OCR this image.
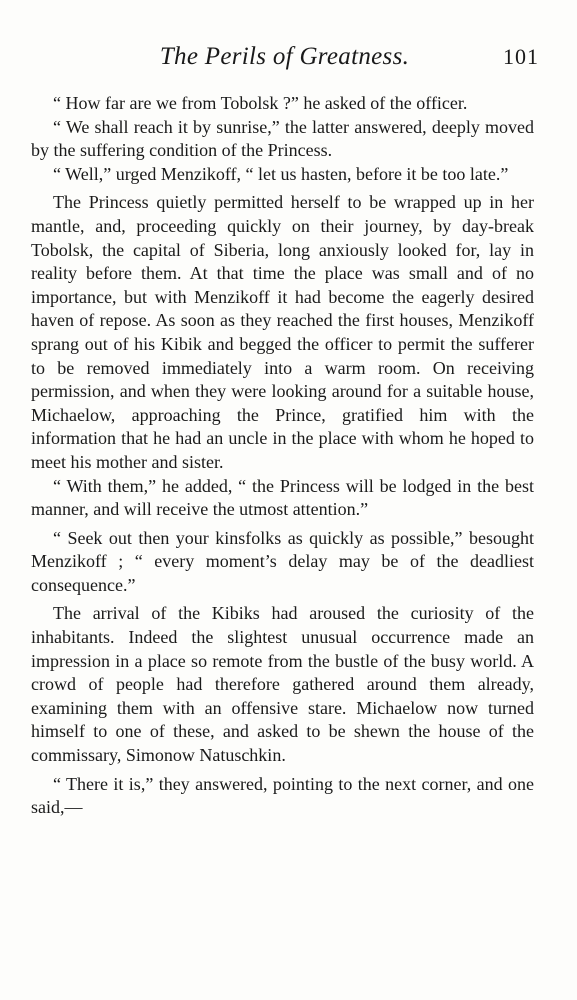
The Perils of Greatness.	101

“ How far are we from Tobolsk ?” he asked of the officer.

“ We shall reach it by sunrise,” the latter answered, deeply moved by the suffering condition of the Princess.

“ Well,” urged Menzikoff, “ let us hasten, before it be too late.”

The Princess quietly permitted herself to be wrapped up in her mantle, and, proceeding quickly on their journey, by day-break Tobolsk, the capital of Siberia, long anxiously looked for, lay in reality before them. At that time the place was small and of no importance, but with Menzikoff it had become the eagerly desired haven of repose. As soon as they reached the first houses, Menzikoff sprang out of his Kibik and begged the officer to permit the sufferer to be removed immediately into a warm room. On receiving permission, and when they were looking around for a suitable house, Michaelow, approaching the Prince, gratified him with the information that he had an uncle in the place with whom he hoped to meet his mother and sister.

“ With them,” he added, “ the Princess will be lodged in the best manner, and will receive the utmost attention.”

“ Seek out then your kinsfolks as quickly as possible,” besought Menzikoff ; “ every moment’s delay may be of the deadliest consequence.”

The arrival of the Kibiks had aroused the curiosity of the inhabitants. Indeed the slightest unusual occurrence made an impression in a place so remote from the bustle of the busy world. A crowd of people had therefore gathered around them already, examining them with an offensive stare. Michaelow now turned himself to one of these, and asked to be shewn the house of the commissary, Simonow Natuschkin.

“ There it is,” they answered, pointing to the next corner, and one said,—
